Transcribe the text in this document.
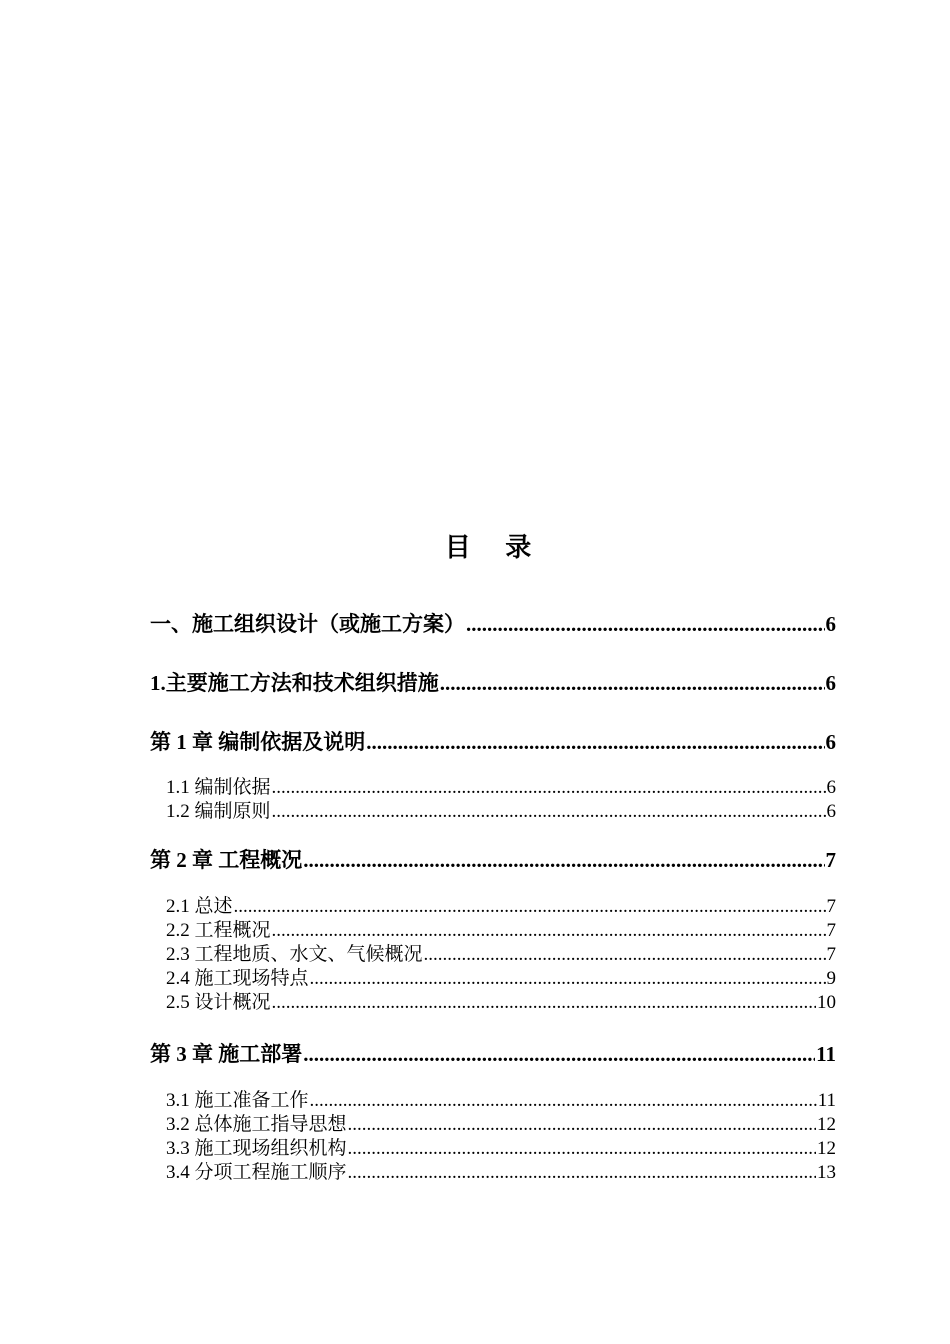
目 录
一、施工组织设计（或施工方案） .....	6
1.主要施工方法和技术组织措施 .....	6
第 1 章 编制依据及说明 .....	6
1.1 编制依据 .....	6
1.2 编制原则 .....	6
第 2 章 工程概况 .....	7
2.1 总述 .....	7
2.2 工程概况 .....	7
2.3 工程地质、水文、气候概况 .....	7
2.4 施工现场特点 .....	9
2.5 设计概况 .....	10
第 3 章 施工部署 .....	11
3.1 施工准备工作 .....	11
3.2 总体施工指导思想 .....	12
3.3 施工现场组织机构 .....	12
3.4 分项工程施工顺序 .....	13
